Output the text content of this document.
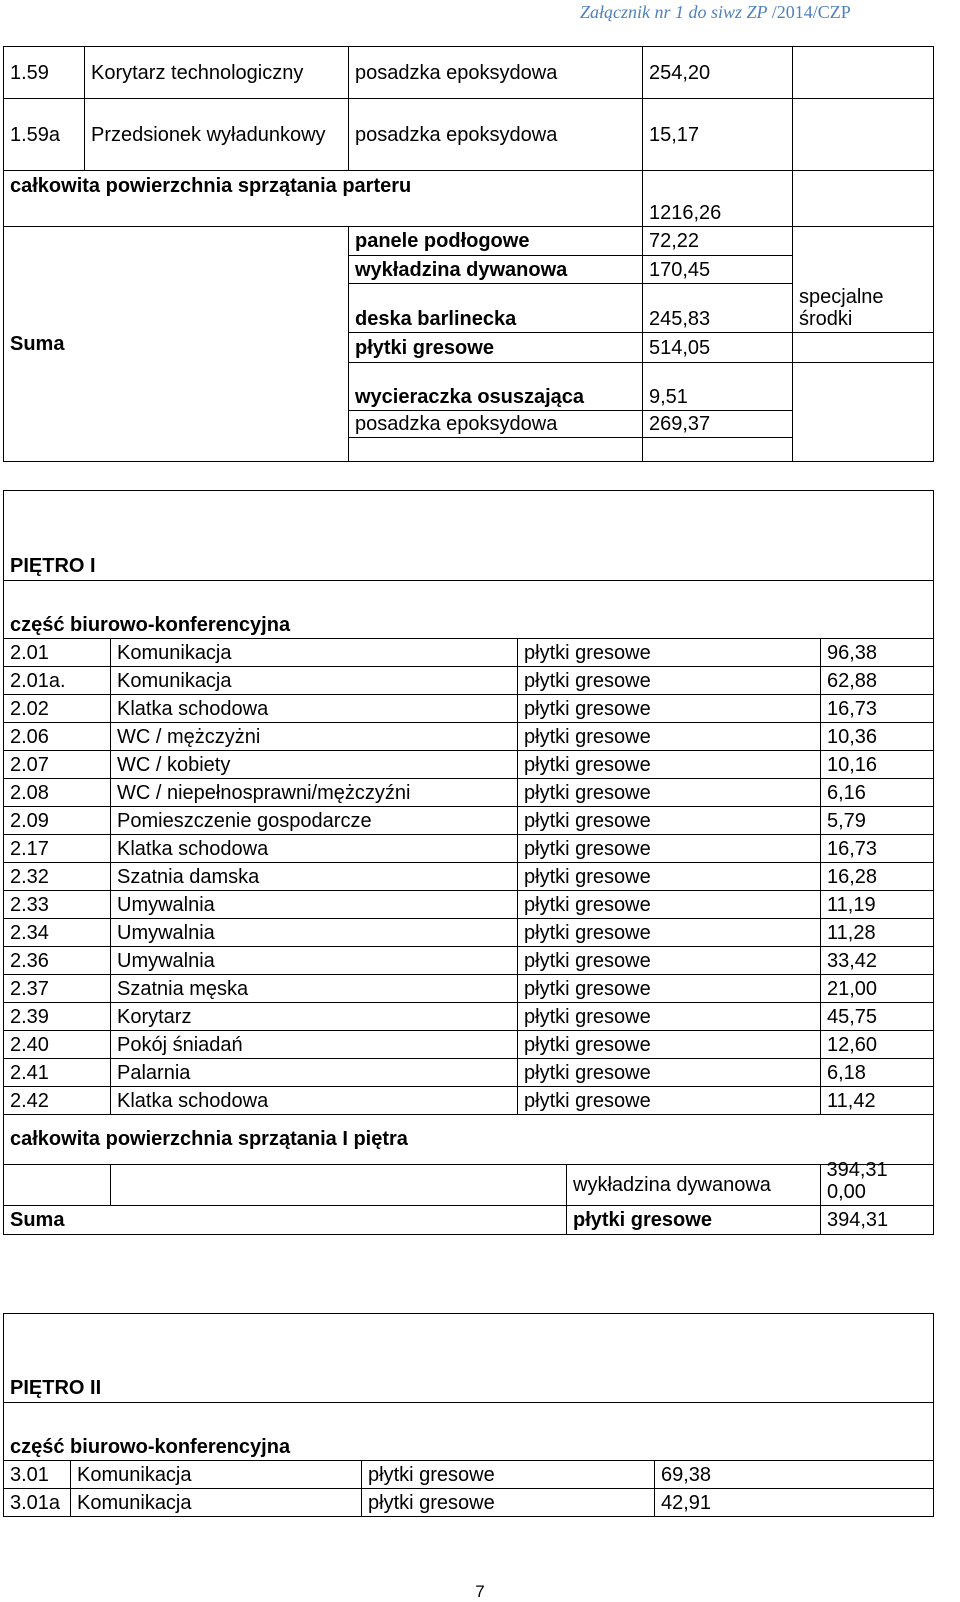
Załącznik nr 1 do siwz ZP /2014/CZP
1.59	Korytarz technologiczny	posadzka epoksydowa	254,20	
1.59a	Przedsionek wyładunkowy	posadzka epoksydowa	15,17	
całkowita powierzchnia sprzątania parteru			1216,26	
Suma		panele podłogowe	72,22	specjalne środki
		wykładzina dywanowa	170,45	
		deska barlinecka	245,83	
		płytki gresowe	514,05	
		wycieraczka osuszająca	9,51	
		posadzka epoksydowa	269,37	

PIĘTRO I			
część biurowo-konferencyjna			
2.01	Komunikacja	płytki gresowe	96,38
2.01a.	Komunikacja	płytki gresowe	62,88
2.02	Klatka schodowa	płytki gresowe	16,73
2.06	WC / mężczyżni	płytki gresowe	10,36
2.07	WC / kobiety	płytki gresowe	10,16
2.08	WC / niepełnosprawni/mężczyźni	płytki gresowe	6,16
2.09	Pomieszczenie gospodarcze	płytki gresowe	5,79
2.17	Klatka schodowa	płytki gresowe	16,73
2.32	Szatnia damska	płytki gresowe	16,28
2.33	Umywalnia	płytki gresowe	11,19
2.34	Umywalnia	płytki gresowe	11,28
2.36	Umywalnia	płytki gresowe	33,42
2.37	Szatnia męska	płytki gresowe	21,00
2.39	Korytarz	płytki gresowe	45,75
2.40	Pokój śniadań	płytki gresowe	12,60
2.41	Palarnia	płytki gresowe	6,18
2.42	Klatka schodowa	płytki gresowe	11,42
całkowita powierzchnia sprzątania I piętra			394,31
		wykładzina dywanowa	0,00
Suma		płytki gresowe	394,31
PIĘTRO II			
część biurowo-konferencyjna			
3.01	Komunikacja	płytki gresowe	69,38
3.01a	Komunikacja	płytki gresowe	42,91
7
